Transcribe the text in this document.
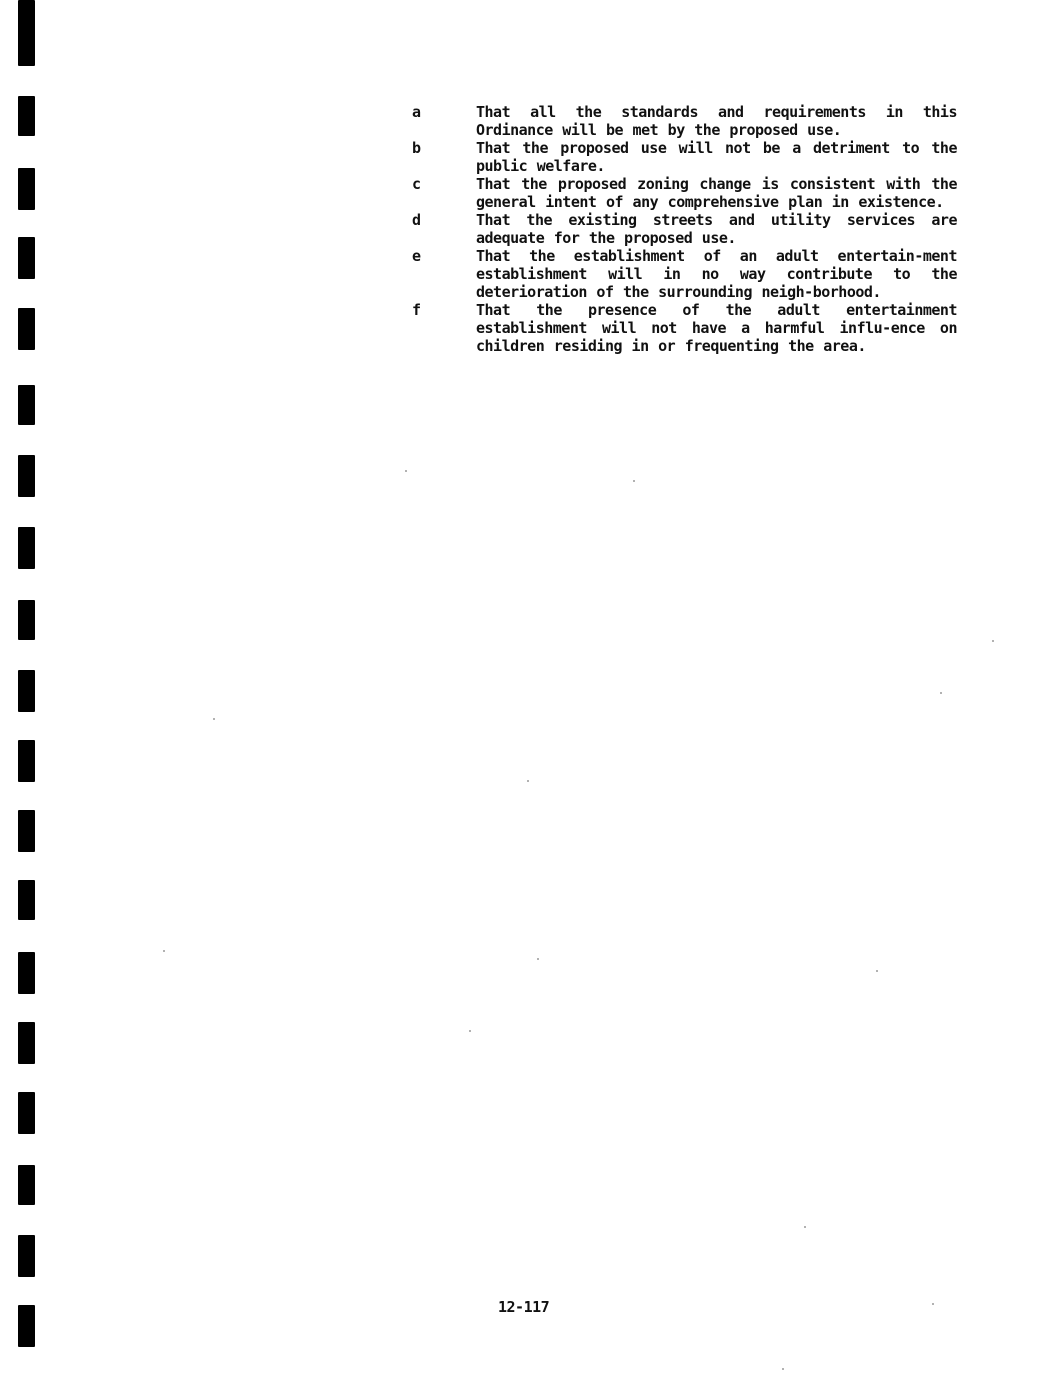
a	That all the standards and requirements in this Ordinance will be met by the proposed use.
b	That the proposed use will not be a detriment to the public welfare.
c	That the proposed zoning change is consistent with the general intent of any comprehensive plan in existence.
d	That the existing streets and utility services are adequate for the proposed use.
e	That the establishment of an adult entertain-ment establishment will in no way contribute to the deterioration of the surrounding neigh-borhood.
f	That the presence of the adult entertainment establishment will not have a harmful influ-ence on children residing in or frequenting the area.
12-117
